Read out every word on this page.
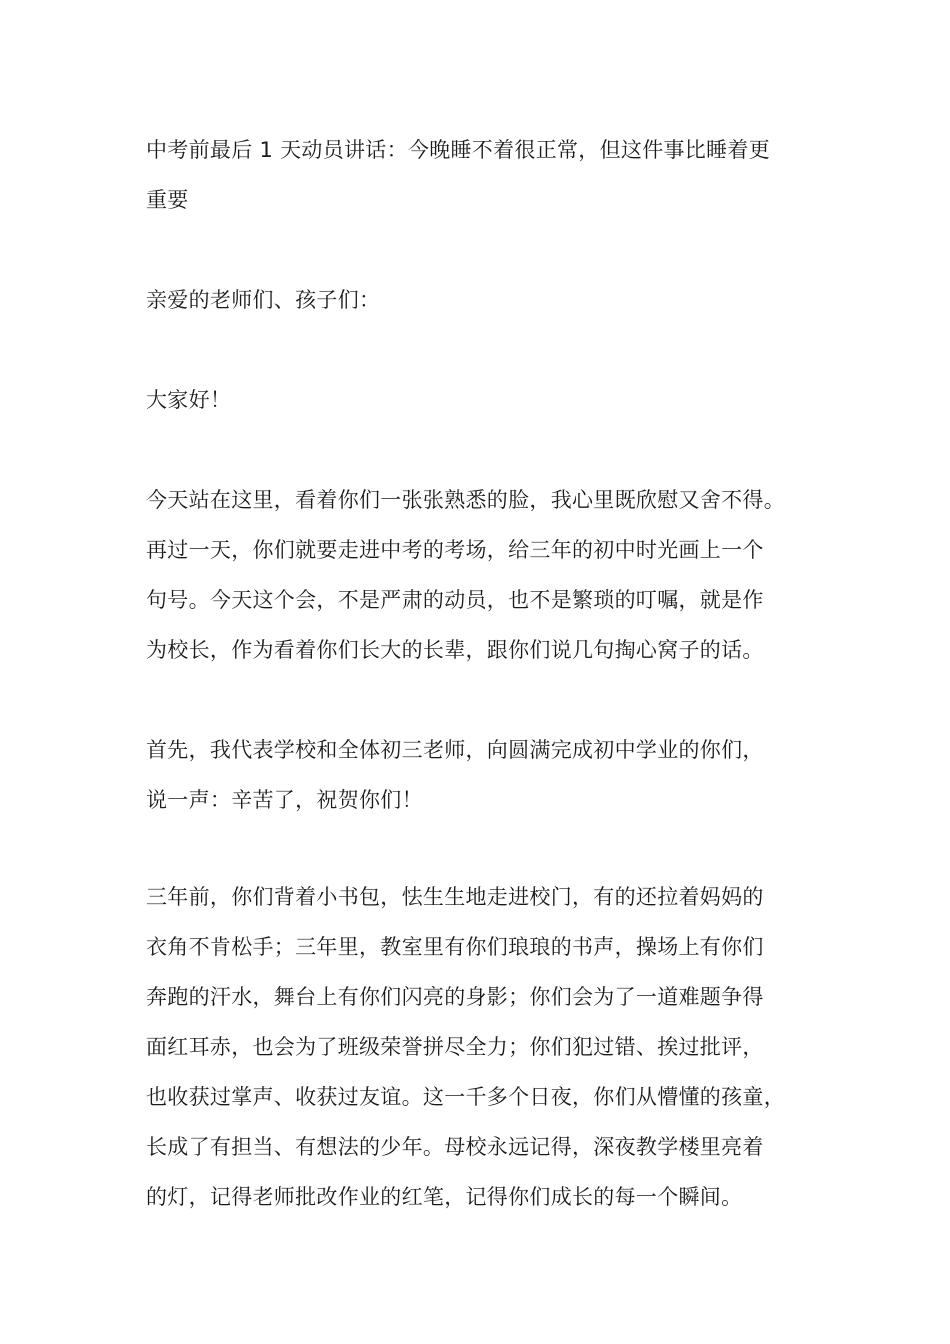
中考前最后 1 天动员讲话：今晚睡不着很正常，但这件事比睡着更
重要
亲爱的老师们、孩子们：
大家好！
今天站在这里，看着你们一张张熟悉的脸，我心里既欣慰又舍不得。
再过一天，你们就要走进中考的考场，给三年的初中时光画上一个
句号。今天这个会，不是严肃的动员，也不是繁琐的叮嘱，就是作
为校长，作为看着你们长大的长辈，跟你们说几句掏心窝子的话。
首先，我代表学校和全体初三老师，向圆满完成初中学业的你们，
说一声：辛苦了，祝贺你们！
三年前，你们背着小书包，怯生生地走进校门，有的还拉着妈妈的
衣角不肯松手；三年里，教室里有你们琅琅的书声，操场上有你们
奔跑的汗水，舞台上有你们闪亮的身影；你们会为了一道难题争得
面红耳赤，也会为了班级荣誉拼尽全力；你们犯过错、挨过批评，
也收获过掌声、收获过友谊。这一千多个日夜，你们从懵懂的孩童，
长成了有担当、有想法的少年。母校永远记得，深夜教学楼里亮着
的灯，记得老师批改作业的红笔，记得你们成长的每一个瞬间。
